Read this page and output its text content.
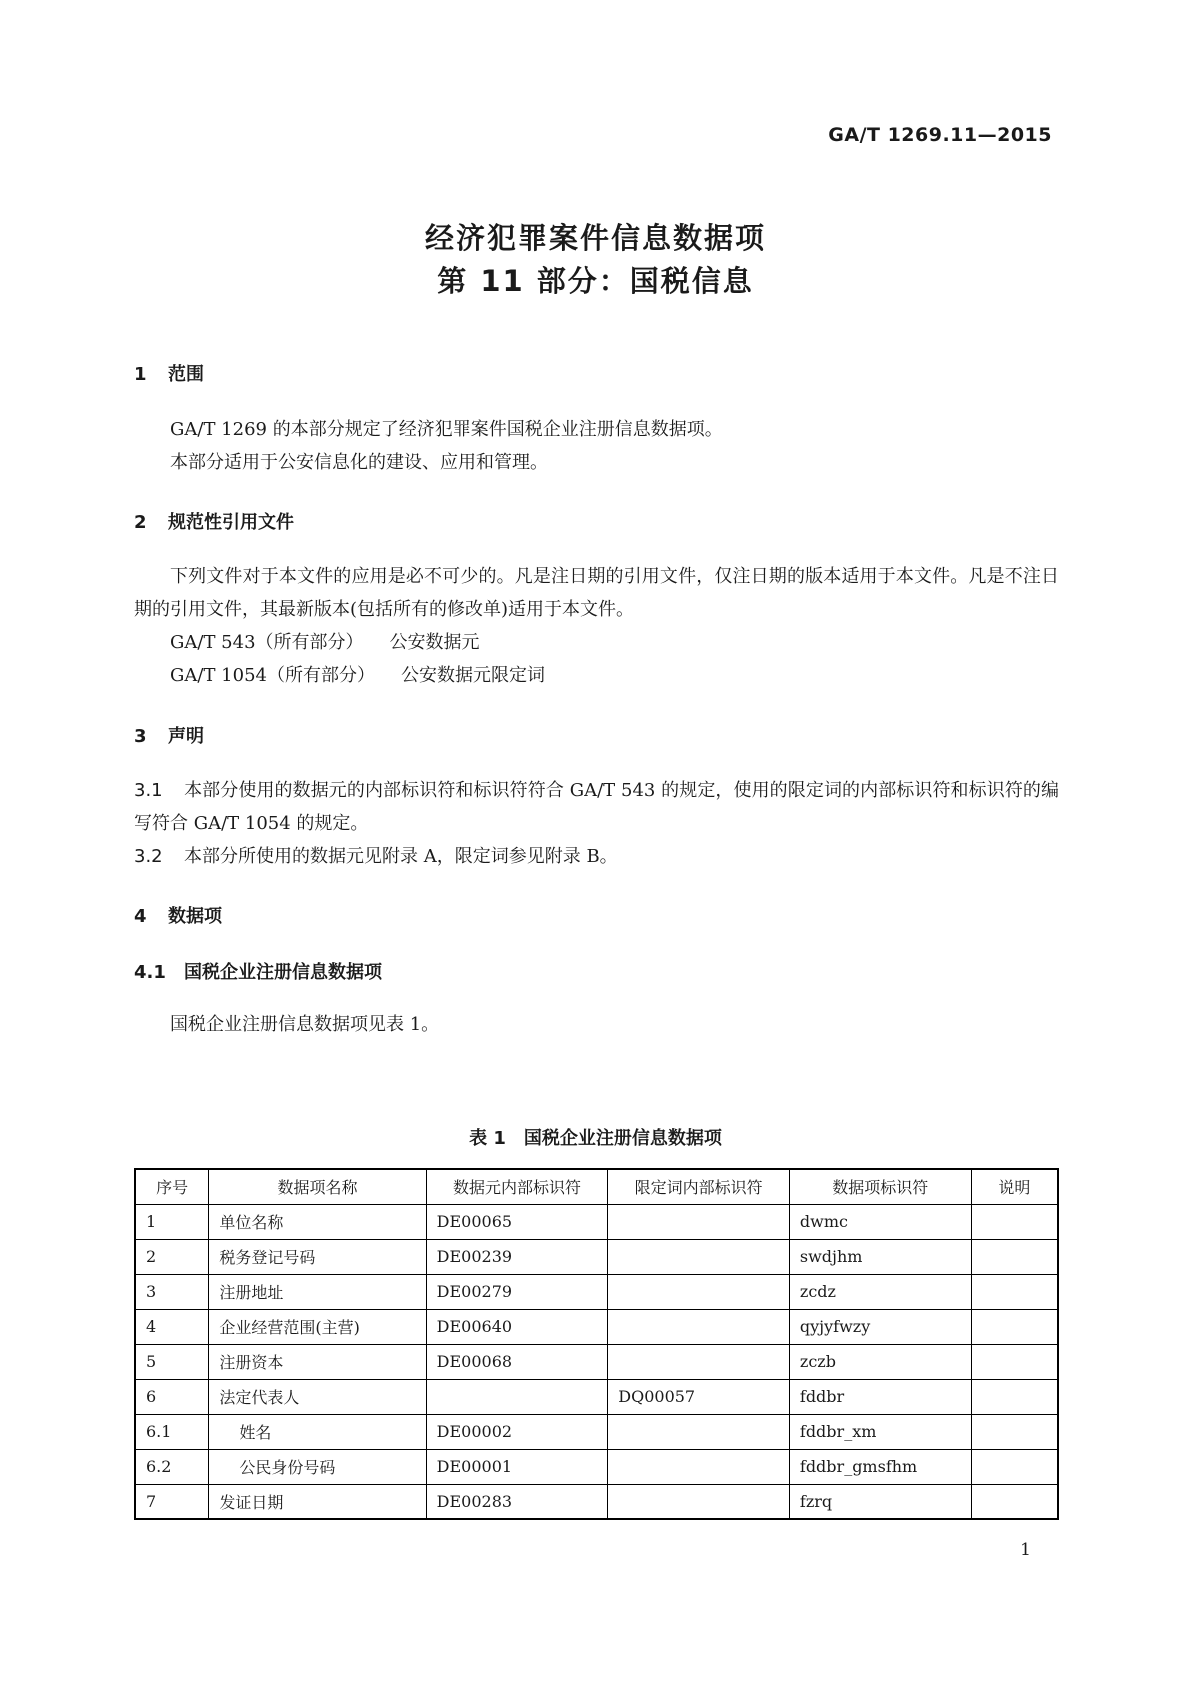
GA/T 1269.11—2015
经济犯罪案件信息数据项
第 11 部分：国税信息
1 范围
GA/T 1269 的本部分规定了经济犯罪案件国税企业注册信息数据项。
本部分适用于公安信息化的建设、应用和管理。
2 规范性引用文件
下列文件对于本文件的应用是必不可少的。凡是注日期的引用文件，仅注日期的版本适用于本文件。凡是不注日期的引用文件，其最新版本(包括所有的修改单)适用于本文件。
GA/T 543（所有部分） 公安数据元
GA/T 1054（所有部分） 公安数据元限定词
3 声明
3.1 本部分使用的数据元的内部标识符和标识符符合 GA/T 543 的规定，使用的限定词的内部标识符和标识符的编写符合 GA/T 1054 的规定。
3.2 本部分所使用的数据元见附录 A，限定词参见附录 B。
4 数据项
4.1 国税企业注册信息数据项
国税企业注册信息数据项见表 1。
表 1　国税企业注册信息数据项
序号	数据项名称	数据元内部标识符	限定词内部标识符	数据项标识符	说明
1	单位名称	DE00065		dwmc	
2	税务登记号码	DE00239		swdjhm	
3	注册地址	DE00279		zcdz	
4	企业经营范围(主营)	DE00640		qyjyfwzy	
5	注册资本	DE00068		zczb	
6	法定代表人		DQ00057	fddbr	
6.1	姓名	DE00002		fddbr_xm	
6.2	公民身份号码	DE00001		fddbr_gmsfhm	
7	发证日期	DE00283		fzrq	
1
